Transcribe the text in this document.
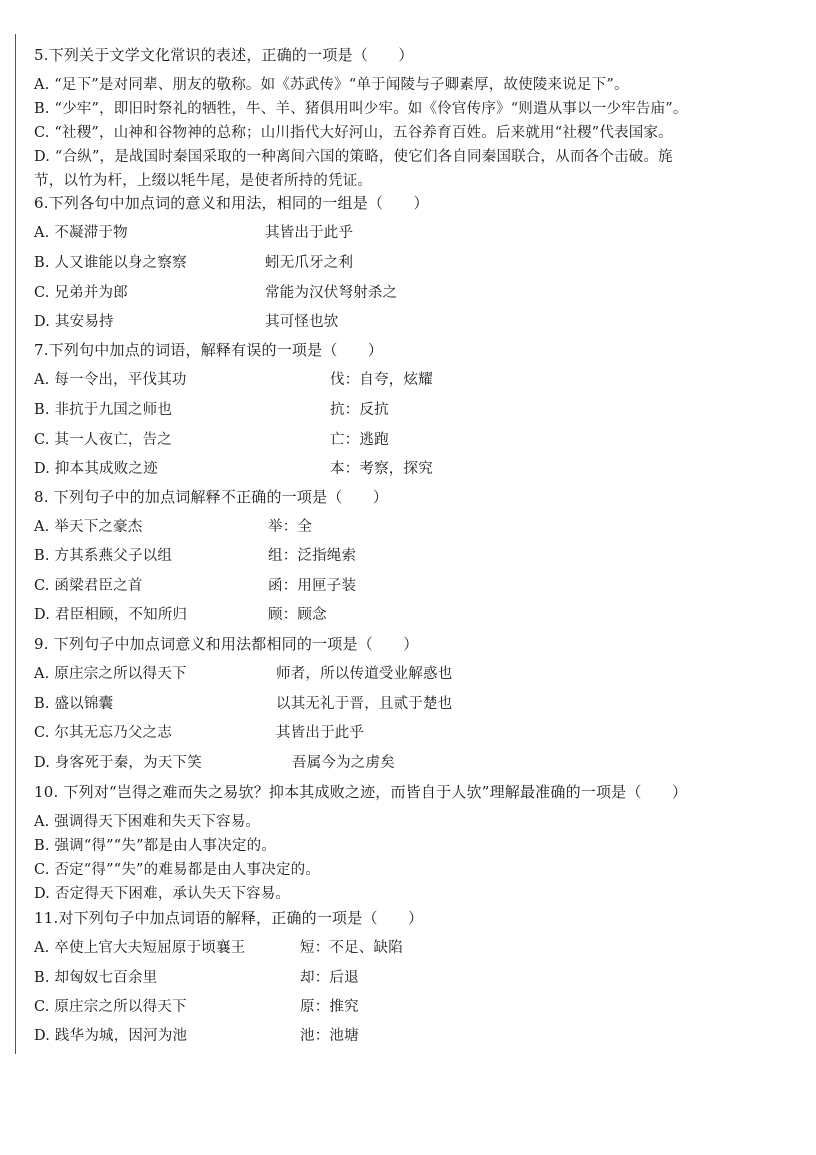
5.下列关于文学文化常识的表述，正确的一项是（　　）
A. “足下”是对同辈、朋友的敬称。如《苏武传》“单于闻陵与子卿素厚，故使陵来说足下”。
B. “少牢”，即旧时祭礼的牺牲，牛、羊、猪俱用叫少牢。如《伶官传序》“则遣从事以一少牢告庙”。
C. “社稷”，山神和谷物神的总称；山川指代大好河山，五谷养育百姓。后来就用“社稷”代表国家。
D. “合纵”，是战国时秦国采取的一种离间六国的策略，使它们各自同秦国联合，从而各个击破。旄
节，以竹为杆，上缀以牦牛尾，是使者所持的凭证。
6.下列各句中加点词的意义和用法，相同的一组是（　　）
A. 不凝滞于物	其皆出于此乎
B. 人又谁能以身之察察	蚓无爪牙之利
C. 兄弟并为郎	常能为汉伏弩射杀之
D. 其安易持	其可怪也欤
7.下列句中加点的词语，解释有误的一项是（　　）
A. 每一令出，平伐其功	伐：自夸，炫耀
B. 非抗于九国之师也	抗：反抗
C. 其一人夜亡，告之	亡：逃跑
D. 抑本其成败之迹	本：考察，探究
8. 下列句子中的加点词解释不正确的一项是（　　）
A. 举天下之豪杰	举：全
B. 方其系燕父子以组	组：泛指绳索
C. 函梁君臣之首	函：用匣子装
D. 君臣相顾，不知所归	顾：顾念
9. 下列句子中加点词意义和用法都相同的一项是（　　）
A. 原庄宗之所以得天下	师者，所以传道受业解惑也
B. 盛以锦囊	以其无礼于晋，且贰于楚也
C. 尔其无忘乃父之志	其皆出于此乎
D. 身客死于秦，为天下笑	吾属今为之虏矣
10. 下列对“岂得之难而失之易欤？抑本其成败之迹，而皆自于人欤”理解最准确的一项是（　　）
A. 强调得天下困难和失天下容易。
B. 强调“得”“失”都是由人事决定的。
C. 否定“得”“失”的难易都是由人事决定的。
D. 否定得天下困难，承认失天下容易。
11.对下列句子中加点词语的解释，正确的一项是（　　）
A. 卒使上官大夫短屈原于顷襄王	短：不足、缺陷
B. 却匈奴七百余里	却：后退
C. 原庄宗之所以得天下	原：推究
D. 践华为城，因河为池	池：池塘
